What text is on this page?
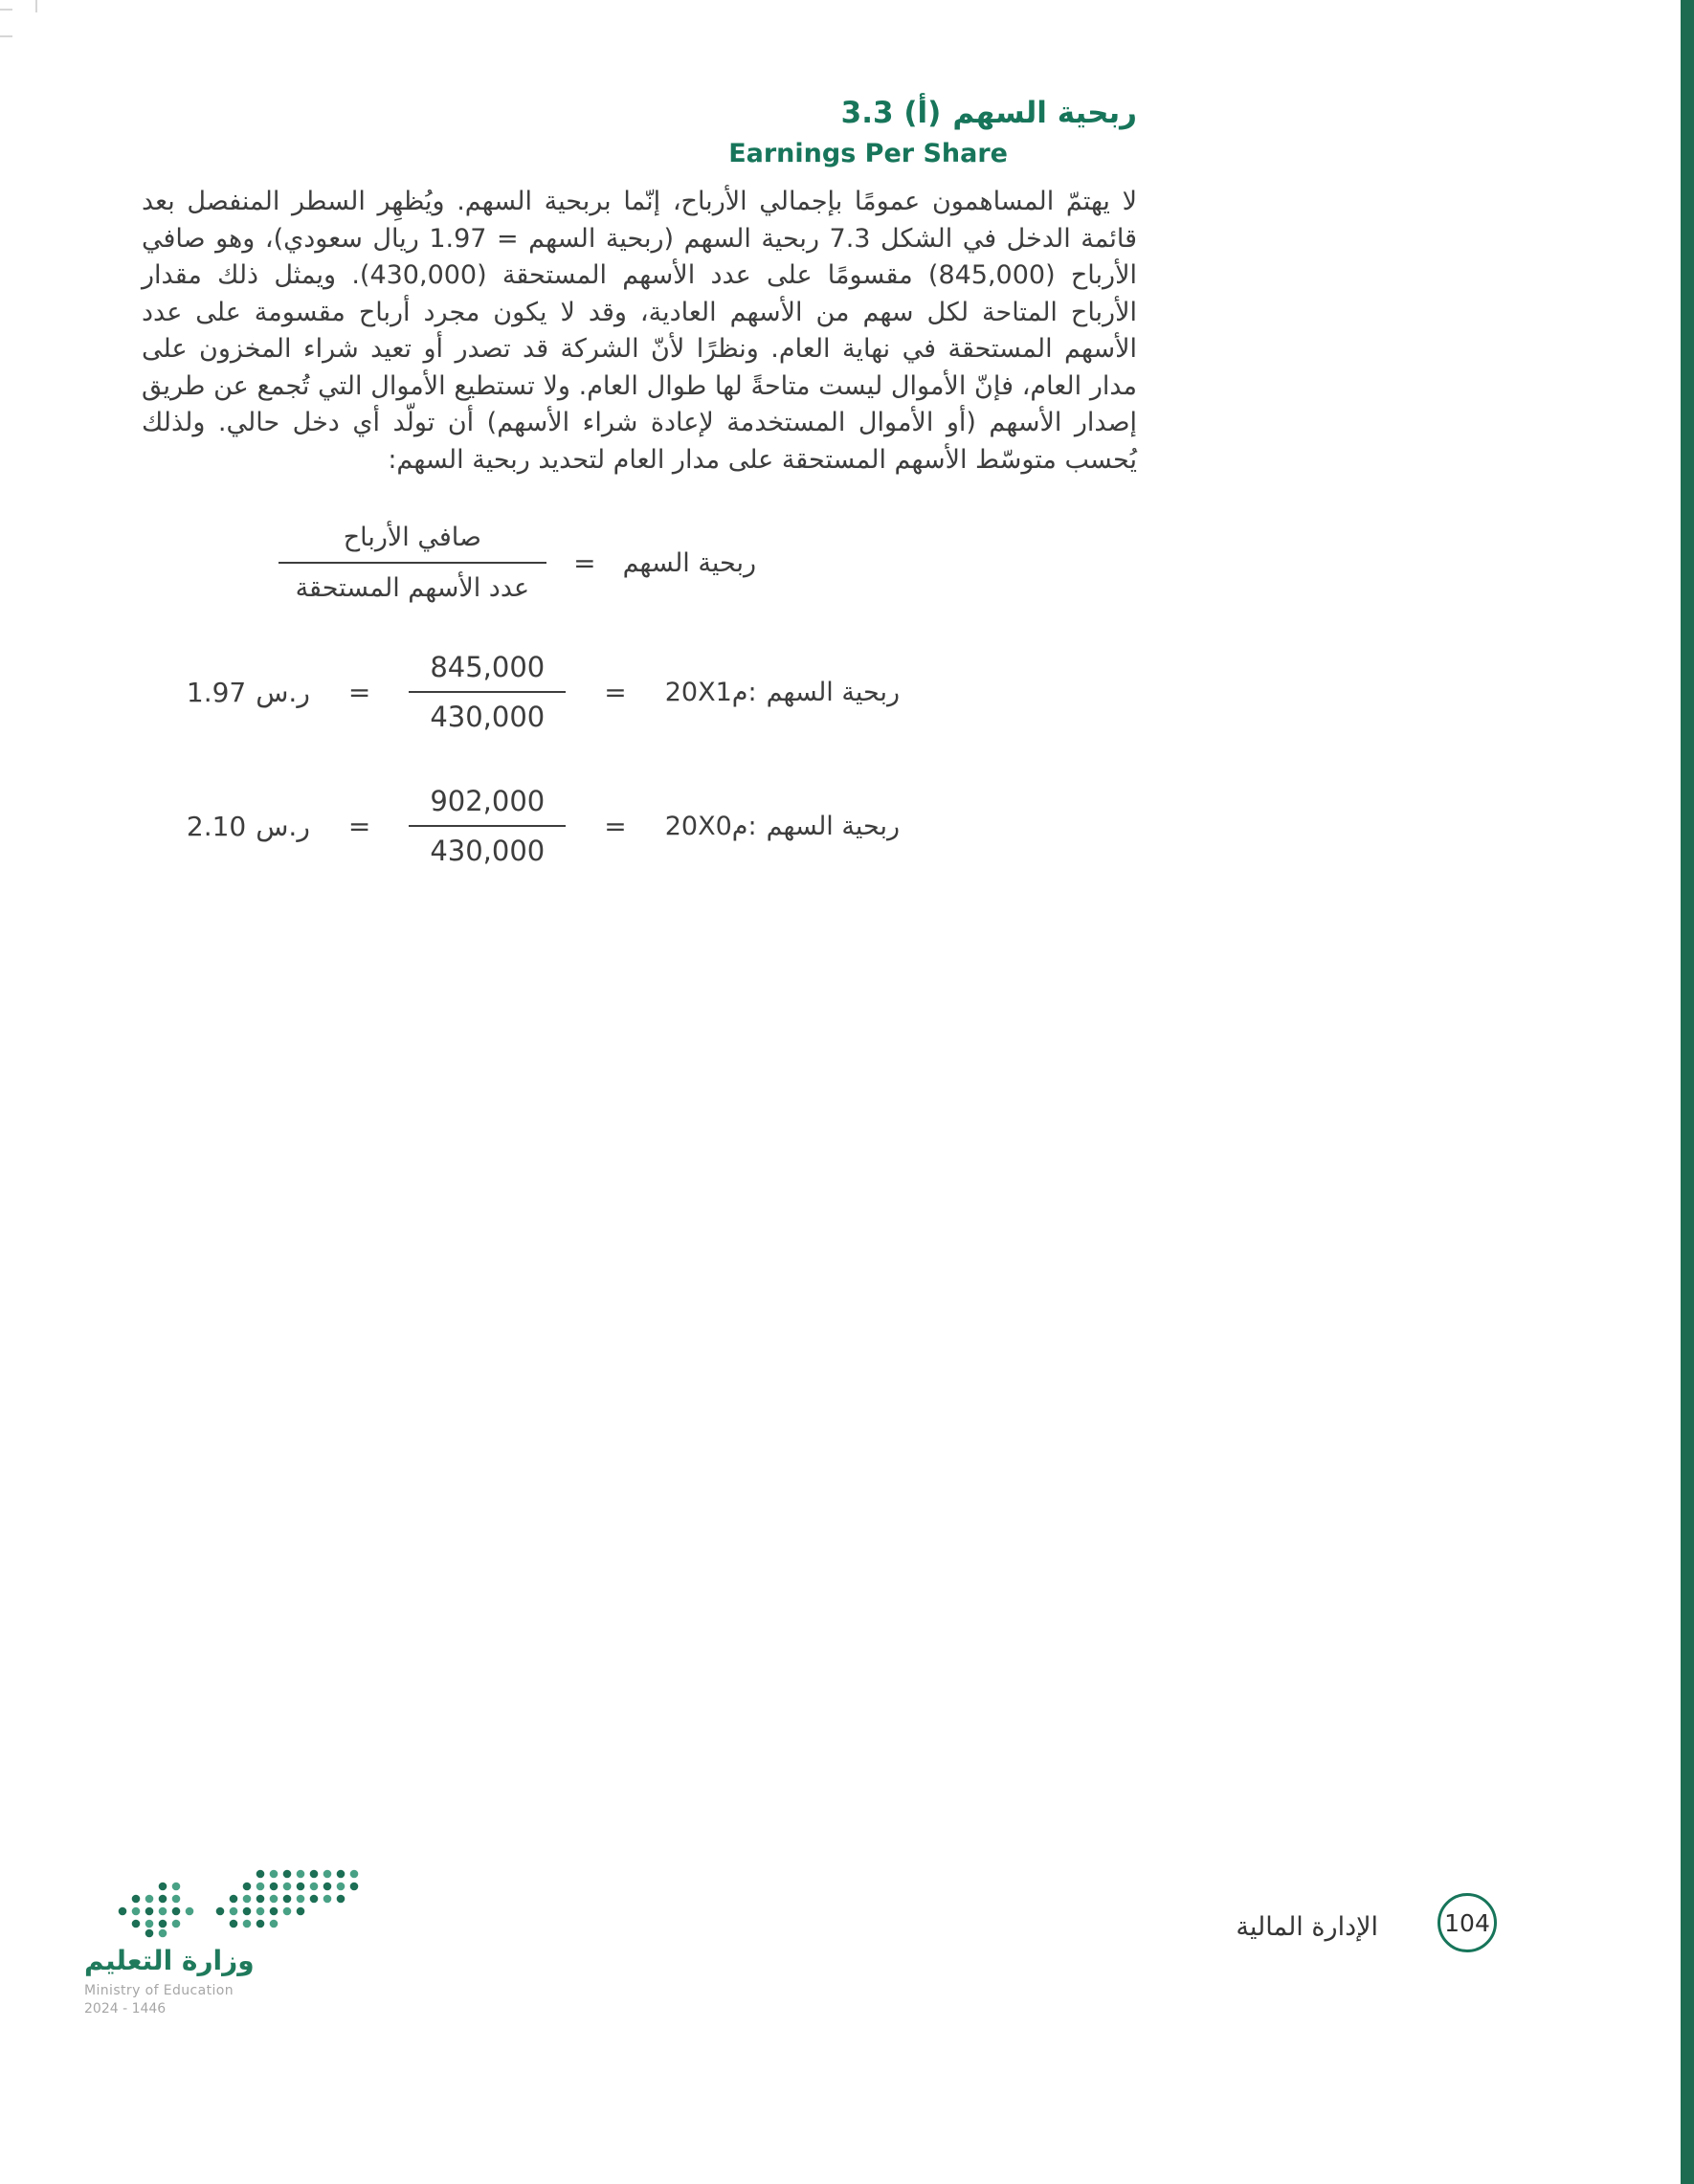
ربحية السهم
3.3 (أ)
Earnings Per Share

لا يهتمّ المساهمون عمومًا بإجمالي الأرباح، إنّما بربحية السهم. ويُظهِر السطر المنفصل بعد قائمة الدخل في الشكل 7.3 ربحية السهم (ربحية السهم = 1.97 ريال سعودي)، وهو صافي الأرباح (845,000) مقسومًا على عدد الأسهم المستحقة (430,000). ويمثل ذلك مقدار الأرباح المتاحة لكل سهم من الأسهم العادية، وقد لا يكون مجرد أرباح مقسومة على عدد الأسهم المستحقة في نهاية العام. ونظرًا لأنّ الشركة قد تصدر أو تعيد شراء المخزون على مدار العام، فإنّ الأموال ليست متاحةً لها طوال العام. ولا تستطيع الأموال التي تُجمع عن طريق إصدار الأسهم (أو الأموال المستخدمة لإعادة شراء الأسهم) أن تولّد أي دخل حالي. ولذلك يُحسب متوسّط الأسهم المستحقة على مدار العام لتحديد ربحية السهم:

ربحية السهم
=
$\frac{\text{صافي الأرباح}}{\text{عدد الأسهم المستحقة}}$
ربحية السهم
20X1م:
=
$\frac{845,000}{430,000}$
=
ر.س
1.97
ربحية السهم
20X0م:
=
$\frac{902,000}{430,000}$
=
ر.س
2.10
الإدارة المالية	104
وزارة التعليم
Ministry of Education
2024 - 1446
